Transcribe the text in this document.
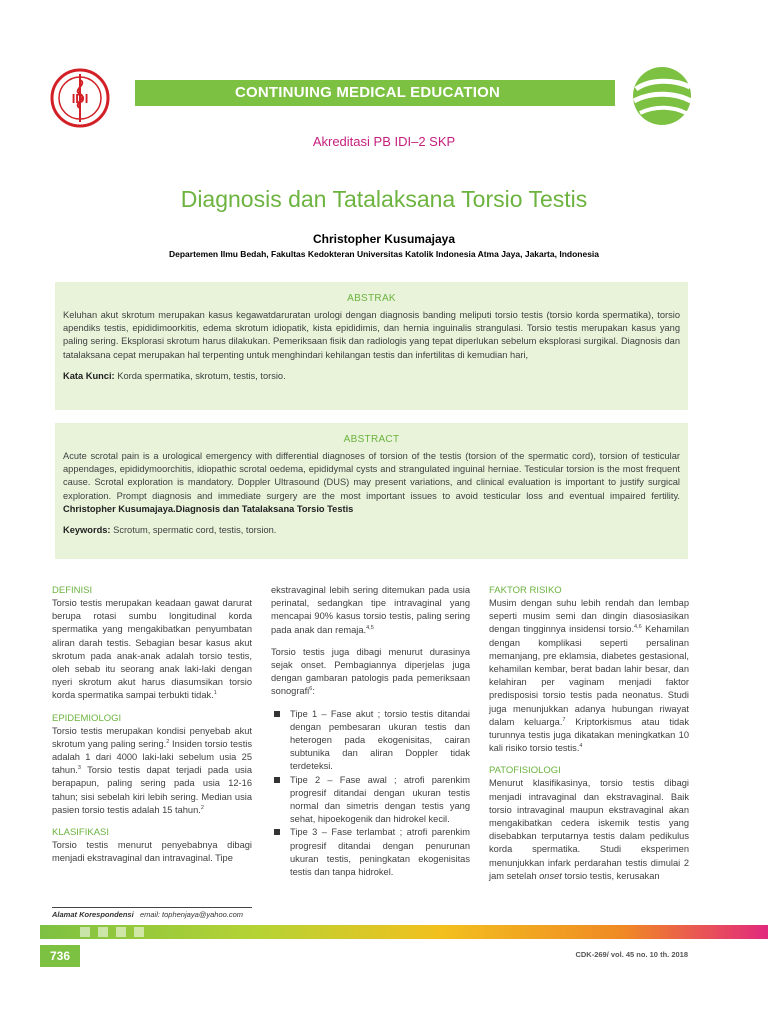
IDI	CONTINUING MEDICAL EDUCATION
Akreditasi PB IDI–2 SKP
Diagnosis dan Tatalaksana Torsio Testis
Christopher Kusumajaya
Departemen Ilmu Bedah, Fakultas Kedokteran Universitas Katolik Indonesia Atma Jaya, Jakarta, Indonesia
ABSTRAK
Keluhan akut skrotum merupakan kasus kegawatdaruratan urologi dengan diagnosis banding meliputi torsio testis (torsio korda spermatika), torsio apendiks testis, epididimoorkitis, edema skrotum idiopatik, kista epididimis, dan hernia inguinalis strangulasi. Torsio testis merupakan kasus yang paling sering. Eksplorasi skrotum harus dilakukan. Pemeriksaan fisik dan radiologis yang tepat diperlukan sebelum eksplorasi surgikal. Diagnosis dan tatalaksana cepat merupakan hal terpenting untuk menghindari kehilangan testis dan infertilitas di kemudian hari,
Kata Kunci: Korda spermatika, skrotum, testis, torsio.
ABSTRACT
Acute scrotal pain is a urological emergency with differential diagnoses of torsion of the testis (torsion of the spermatic cord), torsion of testicular appendages, epididymoorchitis, idiopathic scrotal oedema, epididymal cysts and strangulated inguinal herniae. Testicular torsion is the most frequent cause. Scrotal exploration is mandatory. Doppler Ultrasound (DUS) may present variations, and clinical evaluation is important to justify surgical exploration. Prompt diagnosis and immediate surgery are the most important issues to avoid testicular loss and eventual impaired fertility. Christopher Kusumajaya.Diagnosis dan Tatalaksana Torsio Testis
Keywords: Scrotum, spermatic cord, testis, torsion.
DEFINISI

Torsio testis merupakan keadaan gawat darurat berupa rotasi sumbu longitudinal korda spermatika yang mengakibatkan penyumbatan aliran darah testis. Sebagian besar kasus akut skrotum pada anak-anak adalah torsio testis, oleh sebab itu seorang anak laki-laki dengan nyeri skrotum akut harus diasumsikan torsio korda spermatika sampai terbukti tidak.$^1$

EPIDEMIOLOGI

Torsio testis merupakan kondisi penyebab akut skrotum yang paling sering.$^2$ Insiden torsio testis adalah 1 dari 4000 laki-laki sebelum usia 25 tahun.$^3$ Torsio testis dapat terjadi pada usia berapapun, paling sering pada usia 12-16 tahun; sisi sebelah kiri lebih sering. Median usia pasien torsio testis adalah 15 tahun.$^2$

KLASIFIKASI

Torsio testis menurut penyebabnya dibagi menjadi ekstravaginal dan intravaginal. Tipe

ekstravaginal lebih sering ditemukan pada usia perinatal, sedangkan tipe intravaginal yang mencapai 90% kasus torsio testis, paling sering pada anak dan remaja.$^{4,5}$

Torsio testis juga dibagi menurut durasinya sejak onset. Pembagiannya diperjelas juga dengan gambaran patologis pada pemeriksaan sonografi$^6$:

Tipe 1 – Fase akut ; torsio testis ditandai dengan pembesaran ukuran testis dan heterogen pada ekogenisitas, cairan subtunika dan aliran Doppler tidak terdeteksi.
Tipe 2 – Fase awal ; atrofi parenkim progresif ditandai dengan ukuran testis normal dan simetris dengan testis yang sehat, hipoekogenik dan hidrokel kecil.
Tipe 3 – Fase terlambat ; atrofi parenkim progresif ditandai dengan penurunan ukuran testis, peningkatan ekogenisitas testis dan tanpa hidrokel.
FAKTOR RISIKO

Musim dengan suhu lebih rendah dan lembap seperti musim semi dan dingin diasosiasikan dengan tingginnya insidensi torsio.$^{4,6}$ Kehamilan dengan komplikasi seperti persalinan memanjang, pre eklamsia, diabetes gestasional, kehamilan kembar, berat badan lahir besar, dan kelahiran per vaginam menjadi faktor predisposisi torsio testis pada neonatus. Studi juga menunjukkan adanya hubungan riwayat dalam keluarga.$^7$ Kriptorkismus atau tidak turunnya testis juga dikatakan meningkatkan 10 kali risiko torsio testis.$^4$

PATOFISIOLOGI

Menurut klasifikasinya, torsio testis dibagi menjadi intravaginal dan ekstravaginal. Baik torsio intravaginal maupun ekstravaginal akan mengakibatkan cedera iskemik testis yang disebabkan terputarnya testis dalam pedikulus korda spermatika. Studi eksperimen menunjukkan infark perdarahan testis dimulai 2 jam setelah onset torsio testis, kerusakan

Alamat Korespondensi email: tophenjaya@yahoo.com
736	CDK-269/ vol. 45 no. 10 th. 2018
